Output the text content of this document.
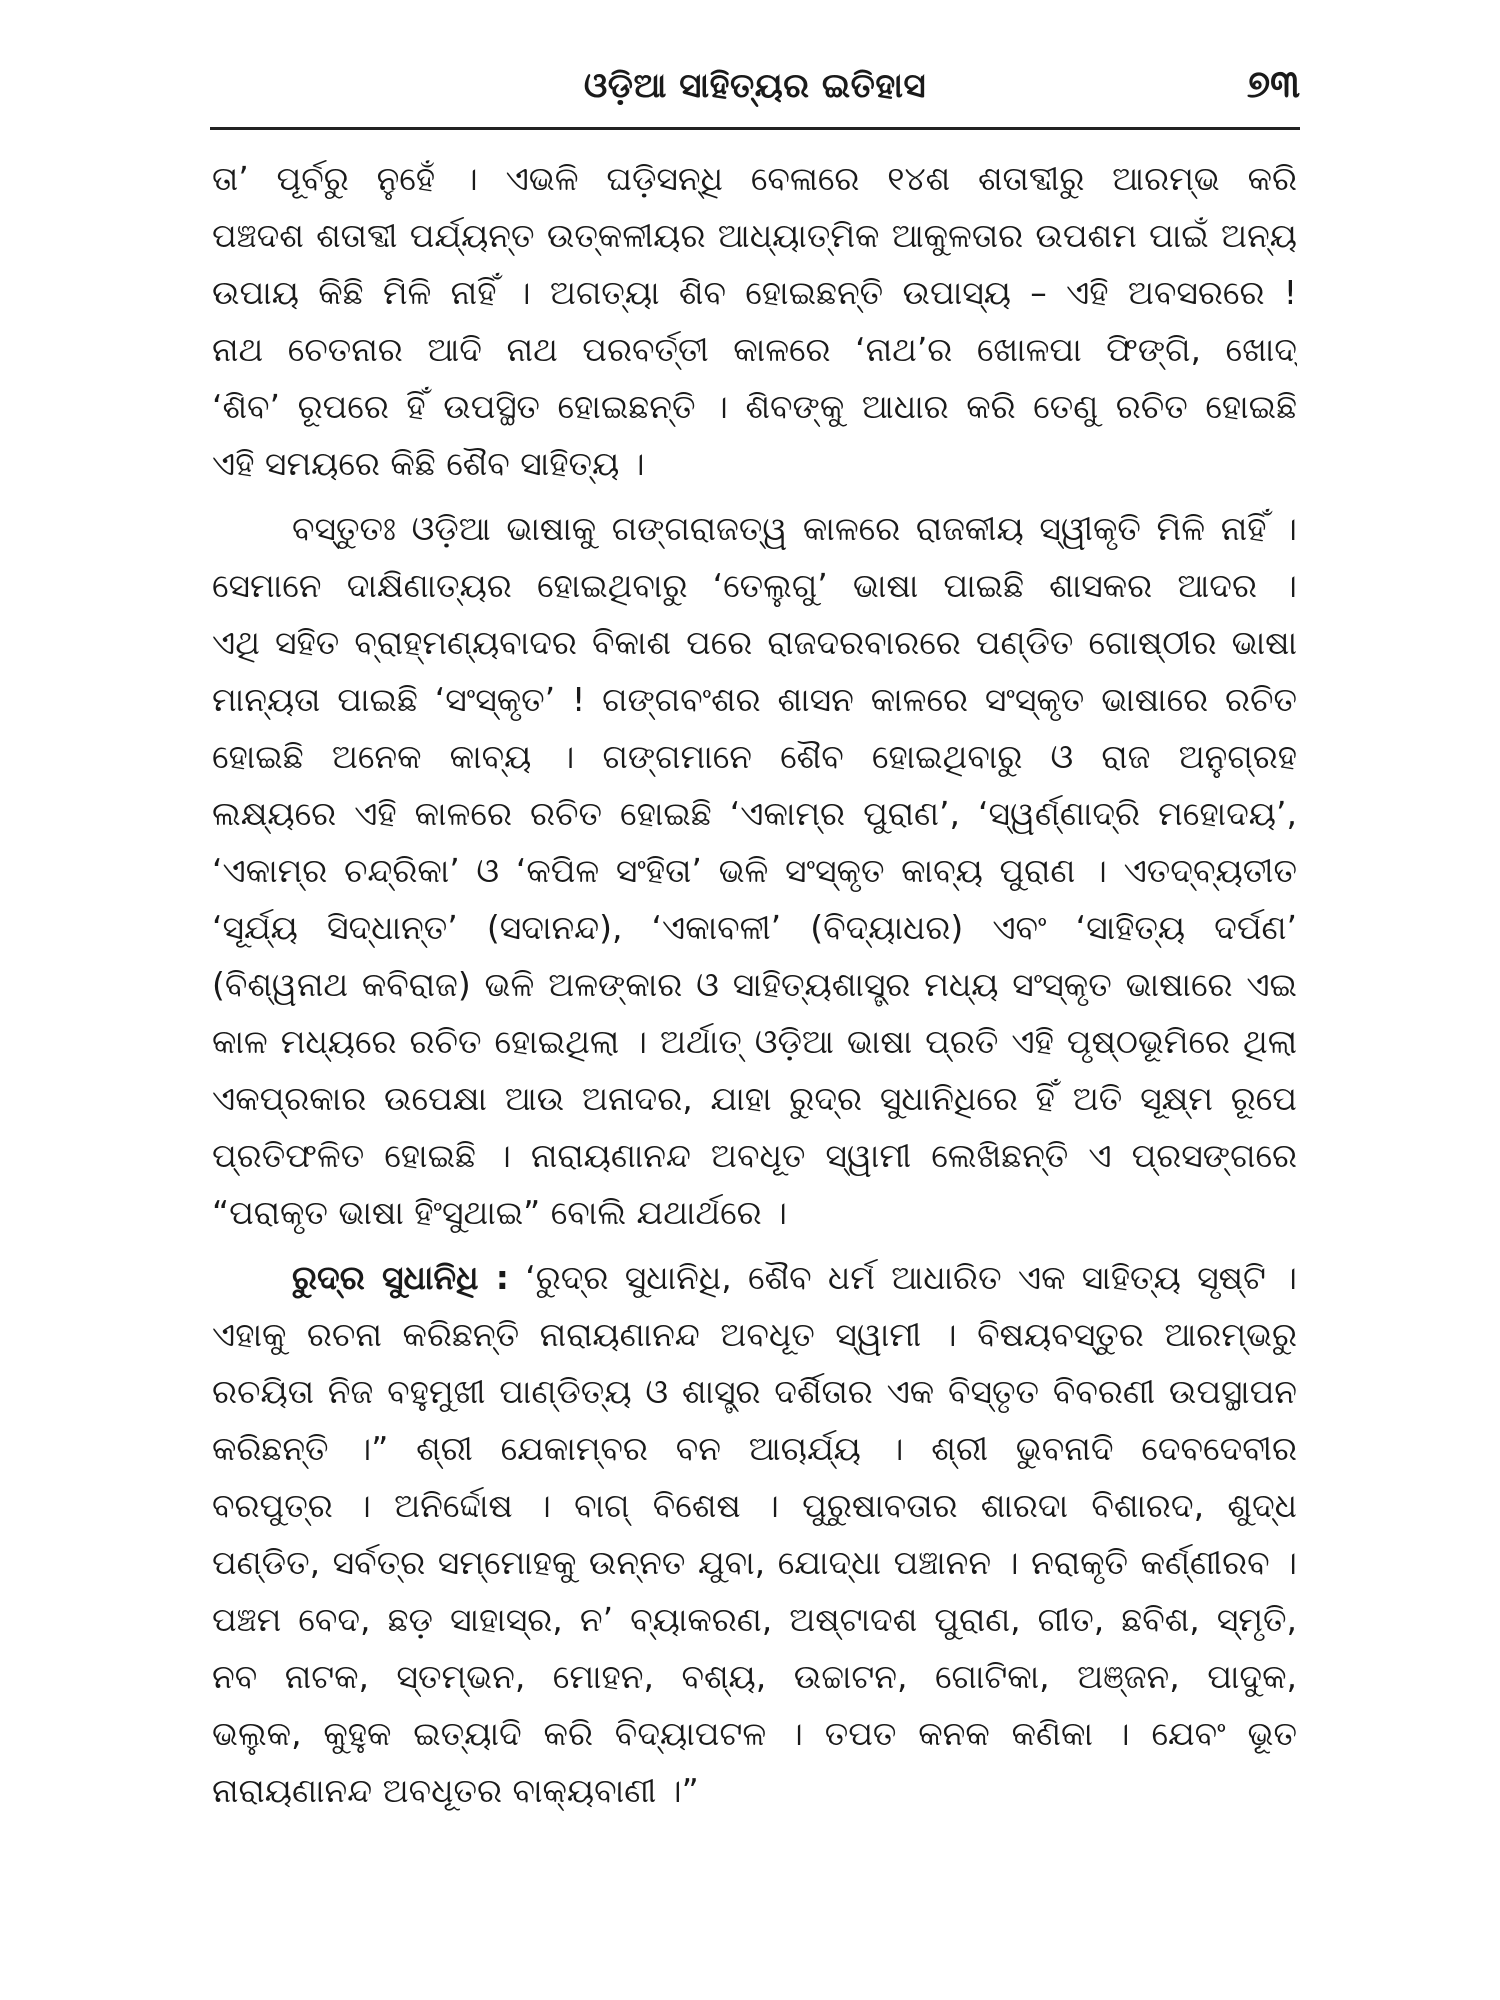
ଓଡ଼ିଆ ସାହିତ୍ୟର ଇତିହାସ	୭୩
ତା’ ପୂର୍ବରୁ ନୁହେଁ । ଏଭଳି ଘଡ଼ିସନ୍ଧି ବେଳାରେ ୧୪ଶ ଶତାବ୍ଦୀରୁ ଆରମ୍ଭ କରି
ପଞ୍ଚଦଶ ଶତାବ୍ଦୀ ପର୍ଯ୍ୟନ୍ତ ଉତ୍କଳୀୟର ଆଧ୍ୟାତ୍ମିକ ଆକୁଳତାର ଉପଶମ ପାଇଁ ଅନ୍ୟ
ଉପାୟ କିଛି ମିଳି ନାହିଁ । ଅଗତ୍ୟା ଶିବ ହୋଇଛନ୍ତି ଉପାସ୍ୟ – ଏହି ଅବସରରେ !
ନାଥ ଚେତନାର ଆଦି ନାଥ ପରବର୍ତ୍ତୀ କାଳରେ ‘ନାଥ’ର ଖୋଳପା ଫିଙ୍ଗି, ଖୋଦ୍
‘ଶିବ’ ରୂପରେ ହିଁ ଉପସ୍ଥିତ ହୋଇଛନ୍ତି । ଶିବଙ୍କୁ ଆଧାର କରି ତେଣୁ ରଚିତ ହୋଇଛି
ଏହି ସମୟରେ କିଛି ଶୈବ ସାହିତ୍ୟ ।
ବସ୍ତୁତଃ ଓଡ଼ିଆ ଭାଷାକୁ ଗଙ୍ଗରାଜତ୍ୱ କାଳରେ ରାଜକୀୟ ସ୍ୱୀକୃତି ମିଳି ନାହିଁ ।
ସେମାନେ ଦାକ୍ଷିଣାତ୍ୟର ହୋଇଥିବାରୁ ‘ତେଲୁଗୁ’ ଭାଷା ପାଇଛି ଶାସକର ଆଦର ।
ଏଥି ସହିତ ବ୍ରାହ୍ମଣ୍ୟବାଦର ବିକାଶ ପରେ ରାଜଦରବାରରେ ପଣ୍ଡିତ ଗୋଷ୍ଠୀର ଭାଷା
ମାନ୍ୟତା ପାଇଛି ‘ସଂସ୍କୃତ’ ! ଗଙ୍ଗବଂଶର ଶାସନ କାଳରେ ସଂସ୍କୃତ ଭାଷାରେ ରଚିତ
ହୋଇଛି ଅନେକ କାବ୍ୟ । ଗଙ୍ଗମାନେ ଶୈବ ହୋଇଥିବାରୁ ଓ ରାଜ ଅନୁଗ୍ରହ
ଲକ୍ଷ୍ୟରେ ଏହି କାଳରେ ରଚିତ ହୋଇଛି ‘ଏକାମ୍ର ପୁରାଣ’, ‘ସ୍ୱର୍ଣ୍ଣାଦ୍ରି ମହୋଦୟ’,
‘ଏକାମ୍ର ଚନ୍ଦ୍ରିକା’ ଓ ‘କପିଳ ସଂହିତା’ ଭଳି ସଂସ୍କୃତ କାବ୍ୟ ପୁରାଣ । ଏତଦ୍‌ବ୍ୟତୀତ
‘ସୂର୍ଯ୍ୟ ସିଦ୍ଧାନ୍ତ’ (ସଦାନନ୍ଦ), ‘ଏକାବଳୀ’ (ବିଦ୍ୟାଧର) ଏବଂ ‘ସାହିତ୍ୟ ଦର୍ପଣ’
(ବିଶ୍ୱନାଥ କବିରାଜ) ଭଳି ଅଳଙ୍କାର ଓ ସାହିତ୍ୟଶାସ୍ତ୍ର ମଧ୍ୟ ସଂସ୍କୃତ ଭାଷାରେ ଏଇ
କାଳ ମଧ୍ୟରେ ରଚିତ ହୋଇଥିଲା । ଅର୍ଥାତ୍ ଓଡ଼ିଆ ଭାଷା ପ୍ରତି ଏହି ପୃଷ୍ଠଭୂମିରେ ଥିଲା
ଏକପ୍ରକାର ଉପେକ୍ଷା ଆଉ ଅନାଦର, ଯାହା ରୁଦ୍ର ସୁଧାନିଧିରେ ହିଁ ଅତି ସୂକ୍ଷ୍ମ ରୂପେ
ପ୍ରତିଫଳିତ ହୋଇଛି । ନାରାୟଣାନନ୍ଦ ଅବଧୂତ ସ୍ୱାମୀ ଲେଖିଛନ୍ତି ଏ ପ୍ରସଙ୍ଗରେ
“ପରାକୃତ ଭାଷା ହିଂସୁଥାଇ” ବୋଲି ଯଥାର୍ଥରେ ।
ରୁଦ୍ର ସୁଧାନିଧି : ‘ରୁଦ୍ର ସୁଧାନିଧି, ଶୈବ ଧର୍ମ ଆଧାରିତ ଏକ ସାହିତ୍ୟ ସୃଷ୍ଟି ।
ଏହାକୁ ରଚନା କରିଛନ୍ତି ନାରାୟଣାନନ୍ଦ ଅବଧୂତ ସ୍ୱାମୀ । ବିଷୟବସ୍ତୁର ଆରମ୍ଭରୁ
ରଚୟିତା ନିଜ ବହୁମୁଖୀ ପାଣ୍ଡିତ୍ୟ ଓ ଶାସ୍ତ୍ର ଦର୍ଶିତାର ଏକ ବିସ୍ତୃତ ବିବରଣୀ ଉପସ୍ଥାପନ
କରିଛନ୍ତି ।” ଶ୍ରୀ ଯେକାମ୍ବର ବନ ଆଚାର୍ଯ୍ୟ । ଶ୍ରୀ ଭୁବନାଦି ଦେବଦେବୀର
ବରପୁତ୍ର । ଅନିର୍ଦ୍ଦୋଷ । ବାଗ୍ ବିଶେଷ । ପୁରୁଷାବତାର ଶାରଦା ବିଶାରଦ, ଶୁଦ୍ଧ
ପଣ୍ଡିତ, ସର୍ବତ୍ର ସମ୍ମୋହକୁ ଉନ୍ନତ ଯୁବା, ଯୋଦ୍ଧା ପଞ୍ଚାନନ । ନରାକୃତି କର୍ଣ୍ଣୀରବ ।
ପଞ୍ଚମ ବେଦ, ଛଡ଼ ସାହାସ୍ର, ନ’ ବ୍ୟାକରଣ, ଅଷ୍ଟାଦଶ ପୁରାଣ, ଗୀତ, ଛବିଶ, ସ୍ମୃତି,
ନବ ନାଟକ, ସ୍ତମ୍ଭନ, ମୋହନ, ବଶ୍ୟ, ଉଚ୍ଚାଟନ, ଗୋଟିକା, ଅଞ୍ଜନ, ପାଦୁକ,
ଭଲୁକ, କୁହୁକ ଇତ୍ୟାଦି କରି ବିଦ୍ୟାପଟଳ । ତପତ କନକ କଣିକା । ଯେବଂ ଭୂତ
ନାରାୟଣାନନ୍ଦ ଅବଧୂତର ବାକ୍ୟବାଣୀ ।”
